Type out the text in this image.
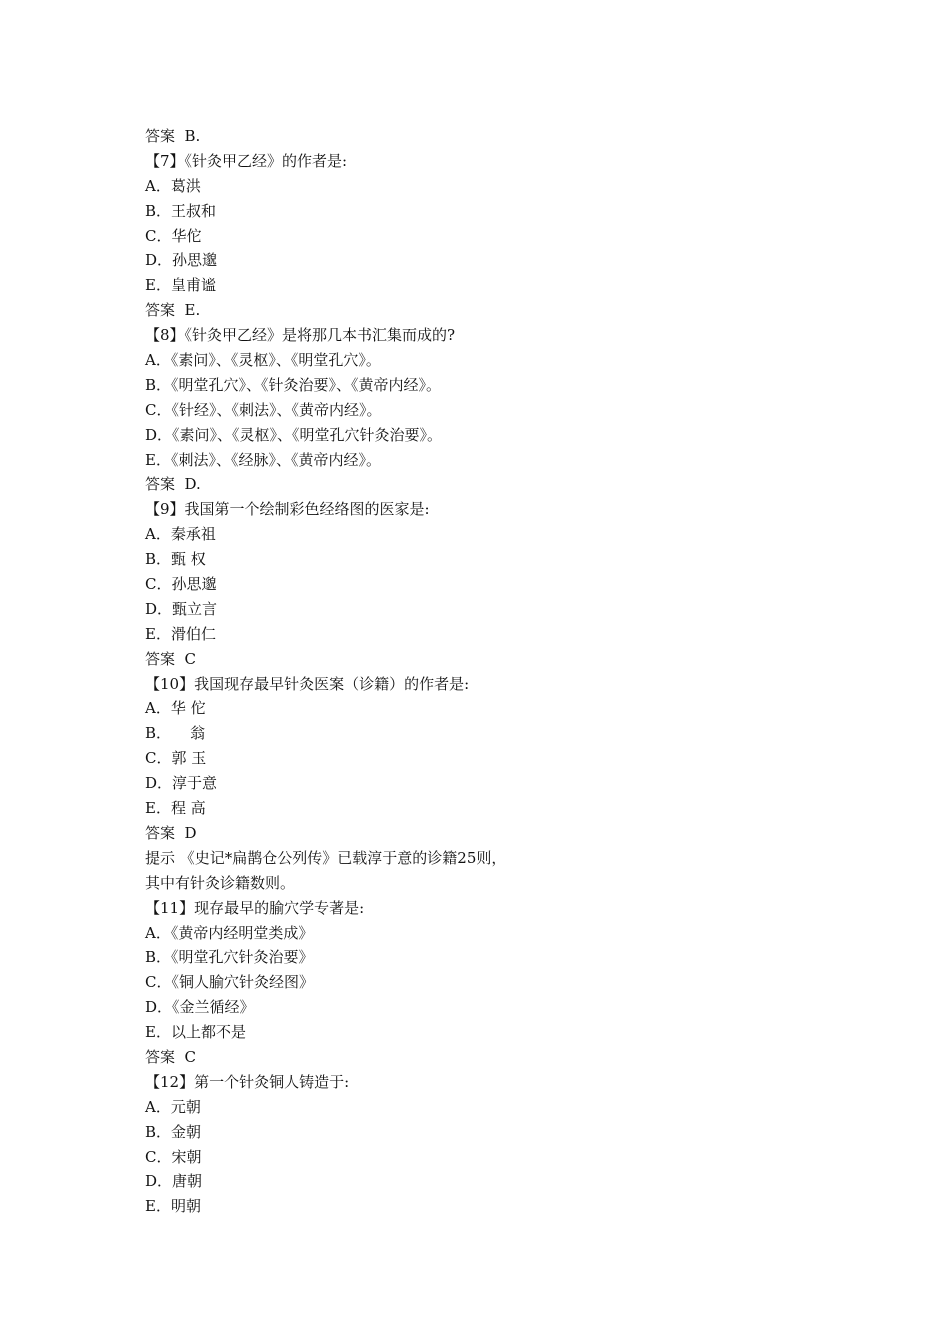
答案  B.
【7】《针灸甲乙经》的作者是:
A．葛洪
B．王叔和
C．华佗
D．孙思邈
E．皇甫谧
答案  E.
【8】《针灸甲乙经》是将那几本书汇集而成的?
A．《素问》、《灵枢》、《明堂孔穴》。
B．《明堂孔穴》、《针灸治要》、《黄帝内经》。
C．《针经》、《刺法》、《黄帝内经》。
D．《素问》、《灵枢》、《明堂孔穴针灸治要》。
E．《刺法》、《经脉》、《黄帝内经》。
答案  D.
【9】我国第一个绘制彩色经络图的医家是:
A．秦承祖
B．甄 权
C．孙思邈
D．甄立言
E．滑伯仁
答案  C
【10】我国现存最早针灸医案（诊籍）的作者是:
A．华 佗
B．    翁
C．郭 玉
D．淳于意
E．程 高
答案  D
提示 《史记*扁鹊仓公列传》已载淳于意的诊籍25则，
其中有针灸诊籍数则。
【11】现存最早的腧穴学专著是:
A．《黄帝内经明堂类成》
B．《明堂孔穴针灸治要》
C．《铜人腧穴针灸经图》
D．《金兰循经》
E．以上都不是
答案  C
【12】第一个针灸铜人铸造于:
A．元朝
B．金朝
C．宋朝
D．唐朝
E．明朝
